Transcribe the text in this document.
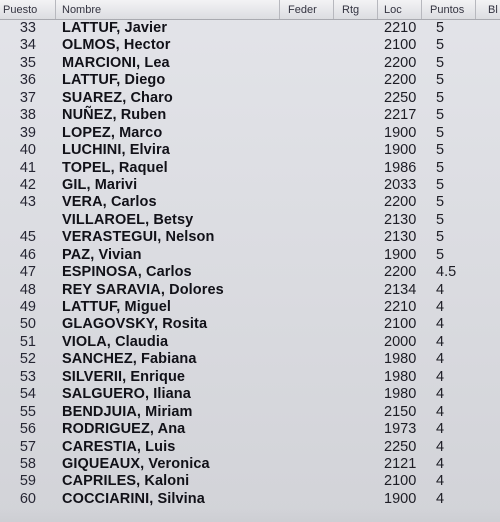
Puesto	Nombre	Feder	Rtg	Loc	Puntos	Bl
33 LATTUF, Javier	2210 5
34 OLMOS, Hector	2100 5
35 MARCIONI, Lea	2200 5
36 LATTUF, Diego	2200 5
37 SUAREZ, Charo	2250 5
38 NUÑEZ, Ruben	2217 5
39 LOPEZ, Marco	1900 5
40 LUCHINI, Elvira	1900 5
41 TOPEL, Raquel	1986 5
42 GIL, Marivi	2033 5
43 VERA, Carlos	2200 5
VILLAROEL, Betsy	2130 5
45 VERASTEGUI, Nelson	2130 5
46 PAZ, Vivian	1900 5
47 ESPINOSA, Carlos	2200 4.5
48 REY SARAVIA, Dolores	2134 4
49 LATTUF, Miguel	2210 4
50 GLAGOVSKY, Rosita	2100 4
51 VIOLA, Claudia	2000 4
52 SANCHEZ, Fabiana	1980 4
53 SILVERII, Enrique	1980 4
54 SALGUERO, Iliana	1980 4
55 BENDJUIA, Miriam	2150 4
56 RODRIGUEZ, Ana	1973 4
57 CARESTIA, Luis	2250 4
58 GIQUEAUX, Veronica	2121 4
59 CAPRILES, Kaloni	2100 4
60 COCCIARINI, Silvina	1900 4
